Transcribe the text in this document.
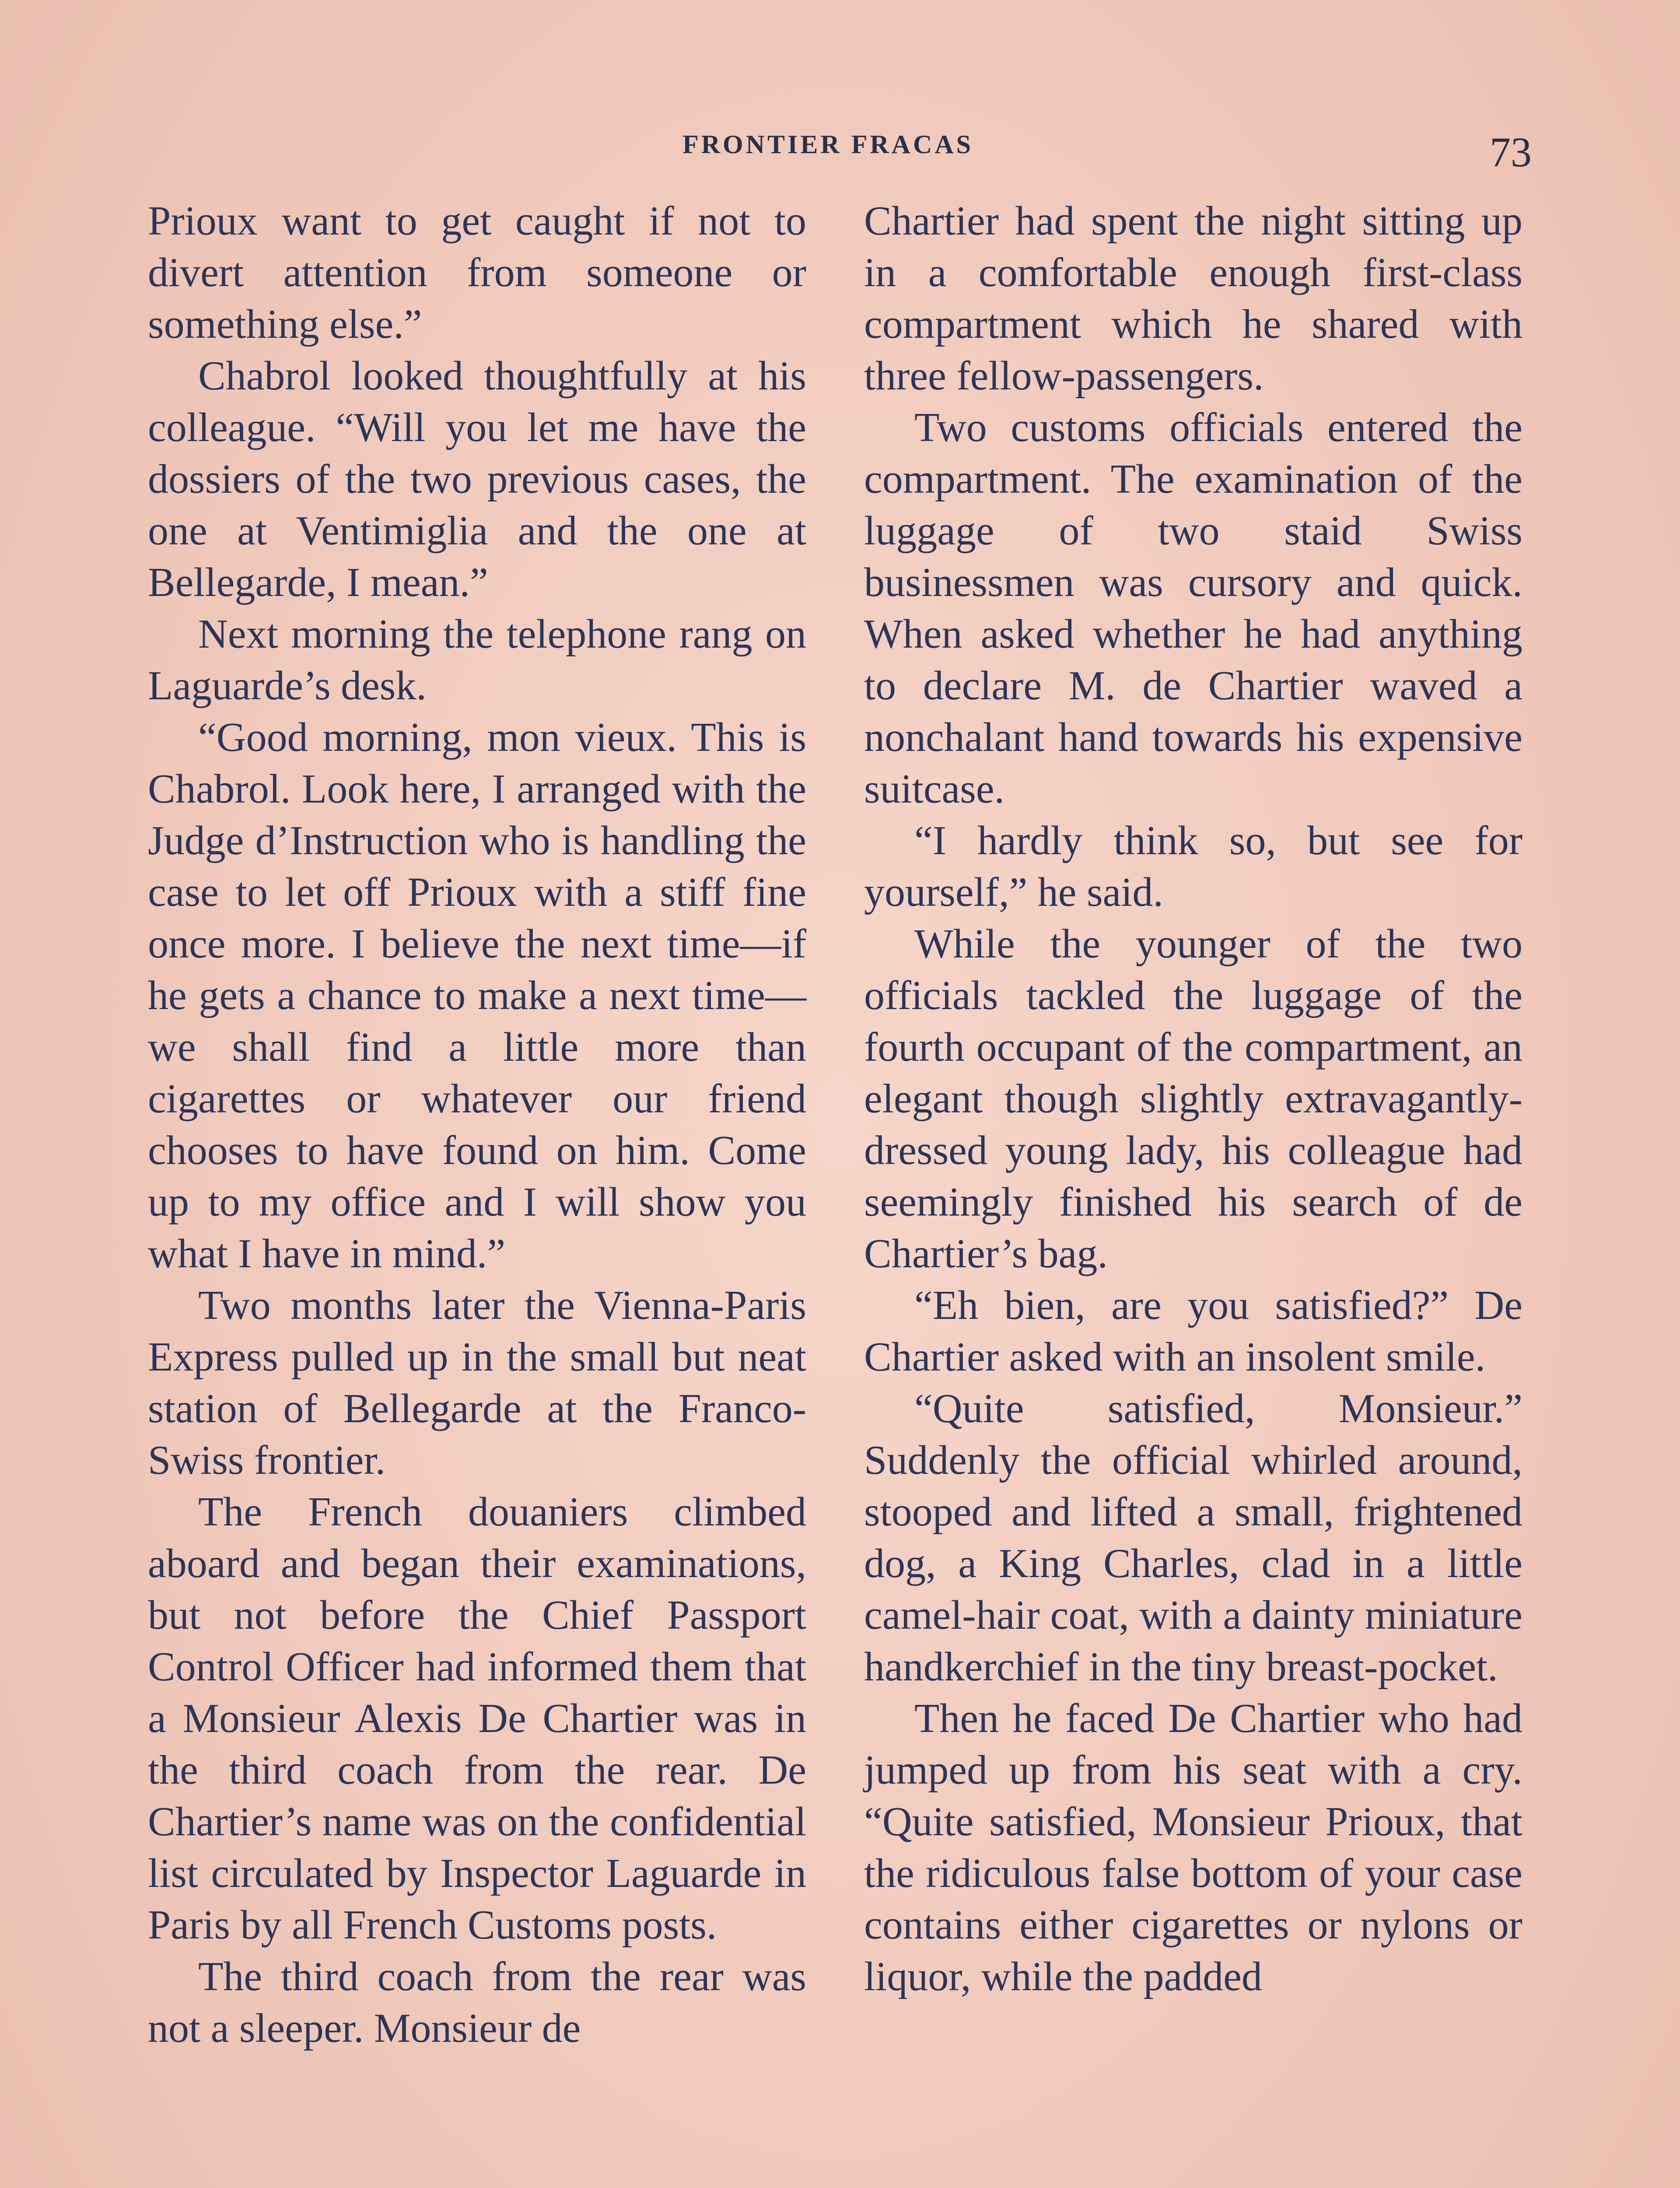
FRONTIER FRACAS	73

Prioux want to get caught if not to divert attention from someone or something else.”

Chabrol looked thoughtfully at his colleague. “Will you let me have the dossiers of the two previous cases, the one at Ventimiglia and the one at Bellegarde, I mean.”

Next morning the telephone rang on Laguarde’s desk.

“Good morning, mon vieux. This is Chabrol. Look here, I arranged with the Judge d’Instruction who is handling the case to let off Prioux with a stiff fine once more. I believe the next time—if he gets a chance to make a next time—we shall find a little more than cigarettes or whatever our friend chooses to have found on him. Come up to my office and I will show you what I have in mind.”

Two months later the Vienna-Paris Express pulled up in the small but neat station of Bellegarde at the Franco-Swiss frontier.

The French douaniers climbed aboard and began their examinations, but not before the Chief Passport Control Officer had informed them that a Monsieur Alexis De Chartier was in the third coach from the rear. De Chartier’s name was on the confidential list circulated by Inspector Laguarde in Paris by all French Customs posts.

The third coach from the rear was not a sleeper. Monsieur de

Chartier had spent the night sitting up in a comfortable enough first-class compartment which he shared with three fellow-passengers.

Two customs officials entered the compartment. The examination of the luggage of two staid Swiss businessmen was cursory and quick. When asked whether he had anything to declare M. de Chartier waved a nonchalant hand towards his expensive suitcase.

“I hardly think so, but see for yourself,” he said.

While the younger of the two officials tackled the luggage of the fourth occupant of the compartment, an elegant though slightly extravagantly-dressed young lady, his colleague had seemingly finished his search of de Chartier’s bag.

“Eh bien, are you satisfied?” De Chartier asked with an insolent smile.

“Quite satisfied, Monsieur.” Suddenly the official whirled around, stooped and lifted a small, frightened dog, a King Charles, clad in a little camel-hair coat, with a dainty miniature handkerchief in the tiny breast-pocket.

Then he faced De Chartier who had jumped up from his seat with a cry. “Quite satisfied, Monsieur Prioux, that the ridiculous false bottom of your case contains either cigarettes or nylons or liquor, while the padded
